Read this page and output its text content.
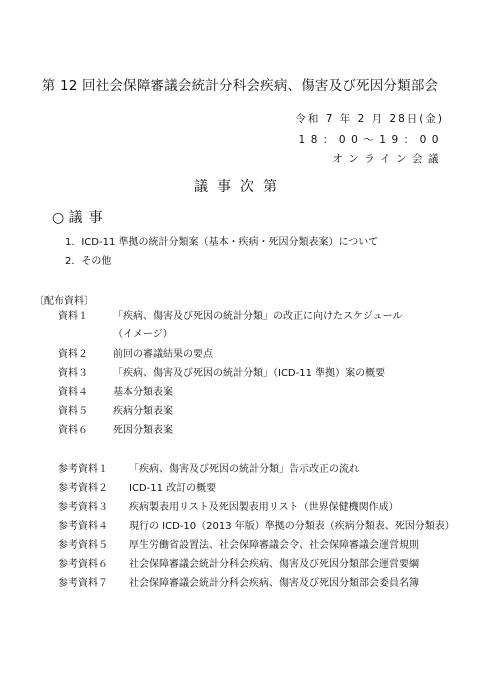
第 12 回社会保障審議会統計分科会疾病、傷害及び死因分類部会
令和 7 年 2 月 28日(金)
18：00～19：00
オンライン会議
議事次第
○ 議事
1．ICD-11 準拠の統計分類案（基本・疾病・死因分類表案）について
2．その他
〔配布資料〕
資料１	「疾病、傷害及び死因の統計分類」の改正に向けたスケジュール
（イメージ）
資料２	前回の審議結果の要点
資料３	「疾病、傷害及び死因の統計分類」（ICD-11 準拠）案の概要
資料４	基本分類表案
資料５	疾病分類表案
資料６	死因分類表案
参考資料１ 「疾病、傷害及び死因の統計分類」告示改正の流れ
参考資料２ ICD-11 改訂の概要
参考資料３ 疾病製表用リスト及死因製表用リスト（世界保健機関作成）
参考資料４ 現行の ICD-10（2013 年版）準拠の分類表（疾病分類表、死因分類表）
参考資料５ 厚生労働省設置法、社会保障審議会令、社会保障審議会運営規則
参考資料６ 社会保障審議会統計分科会疾病、傷害及び死因分類部会運営要綱
参考資料７ 社会保障審議会統計分科会疾病、傷害及び死因分類部会委員名簿
